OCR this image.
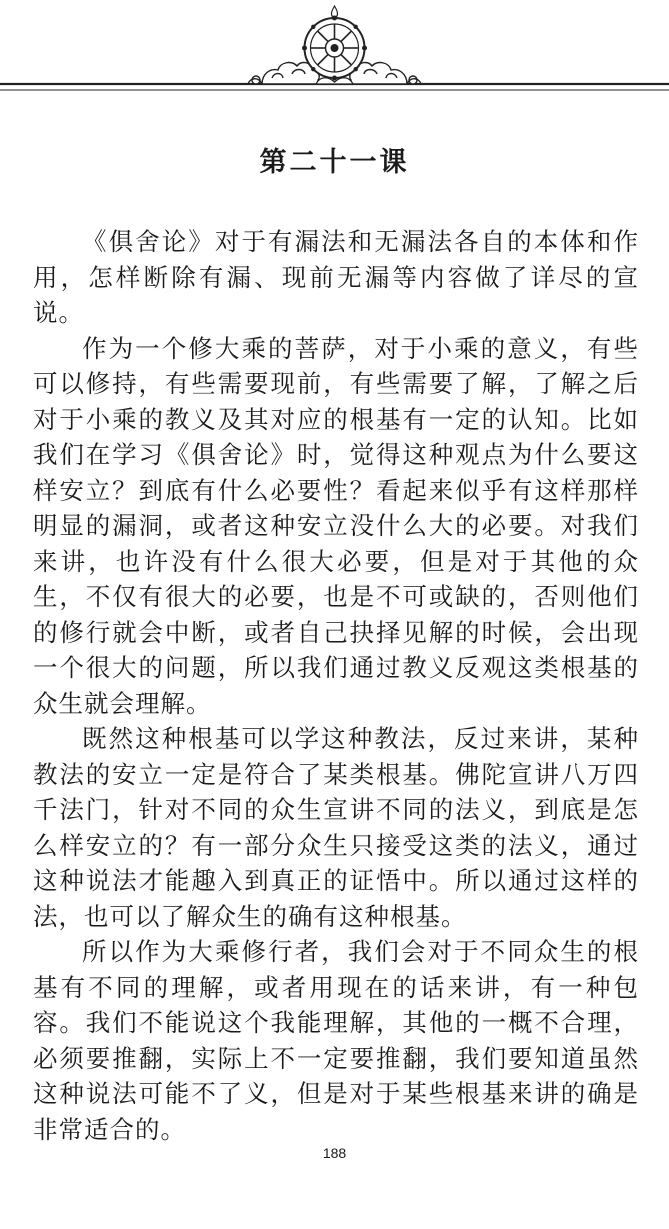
第二十一课

《俱舍论》对于有漏法和无漏法各自的本体和作用，怎样断除有漏、现前无漏等内容做了详尽的宣说。

作为一个修大乘的菩萨，对于小乘的意义，有些可以修持，有些需要现前，有些需要了解，了解之后对于小乘的教义及其对应的根基有一定的认知。比如我们在学习《俱舍论》时，觉得这种观点为什么要这样安立？到底有什么必要性？看起来似乎有这样那样明显的漏洞，或者这种安立没什么大的必要。对我们来讲，也许没有什么很大必要，但是对于其他的众生，不仅有很大的必要，也是不可或缺的，否则他们的修行就会中断，或者自己抉择见解的时候，会出现一个很大的问题，所以我们通过教义反观这类根基的众生就会理解。

既然这种根基可以学这种教法，反过来讲，某种教法的安立一定是符合了某类根基。佛陀宣讲八万四千法门，针对不同的众生宣讲不同的法义，到底是怎么样安立的？有一部分众生只接受这类的法义，通过这种说法才能趣入到真正的证悟中。所以通过这样的法，也可以了解众生的确有这种根基。

所以作为大乘修行者，我们会对于不同众生的根基有不同的理解，或者用现在的话来讲，有一种包容。我们不能说这个我能理解，其他的一概不合理，必须要推翻，实际上不一定要推翻，我们要知道虽然这种说法可能不了义，但是对于某些根基来讲的确是非常适合的。

188
